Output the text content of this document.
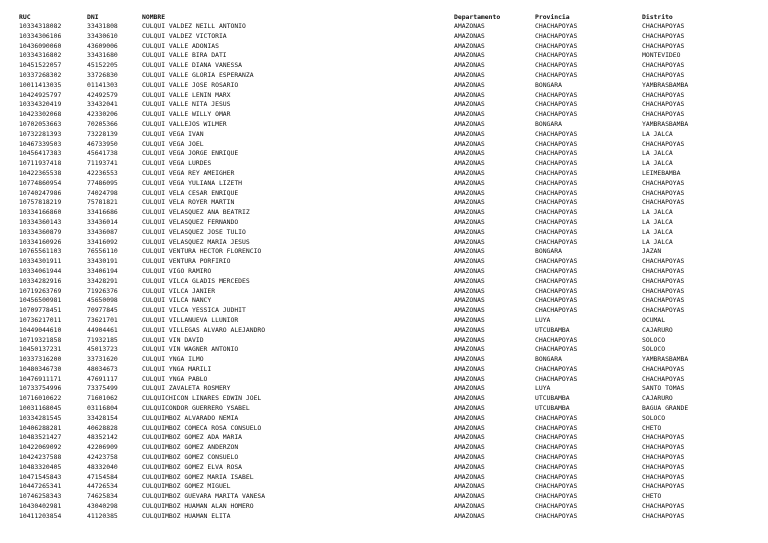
RUC	DNI	NOMBRE	Departamento	Provincia	Distrito
10334318082	33431808	CULQUI VALDEZ NEILL ANTONIO	AMAZONAS	CHACHAPOYAS	CHACHAPOYAS
10334306106	33430610	CULQUI VALDEZ VICTORIA	AMAZONAS	CHACHAPOYAS	CHACHAPOYAS
10436090060	43609006	CULQUI VALLE ADONIAS	AMAZONAS	CHACHAPOYAS	CHACHAPOYAS
10334316802	33431680	CULQUI VALLE BIRA DATI	AMAZONAS	CHACHAPOYAS	MONTEVIDEO
10451522057	45152205	CULQUI VALLE DIANA VANESSA	AMAZONAS	CHACHAPOYAS	CHACHAPOYAS
10337268302	33726830	CULQUI VALLE GLORIA ESPERANZA	AMAZONAS	CHACHAPOYAS	CHACHAPOYAS
10011413035	01141303	CULQUI VALLE JOSE ROSARIO	AMAZONAS	BONGARA	YAMBRASBAMBA
10424925797	42492579	CULQUI VALLE LENIN MARX	AMAZONAS	CHACHAPOYAS	CHACHAPOYAS
10334320419	33432041	CULQUI VALLE NITA JESUS	AMAZONAS	CHACHAPOYAS	CHACHAPOYAS
10423302068	42330206	CULQUI VALLE WILLY OMAR	AMAZONAS	CHACHAPOYAS	CHACHAPOYAS
10702053663	70205366	CULQUI VALLEJOS WILMER	AMAZONAS	BONGARA	YAMBRASBAMBA
10732281393	73228139	CULQUI VEGA IVAN	AMAZONAS	CHACHAPOYAS	LA JALCA
10467339503	46733950	CULQUI VEGA JOEL	AMAZONAS	CHACHAPOYAS	CHACHAPOYAS
10456417383	45641738	CULQUI VEGA JORGE ENRIQUE	AMAZONAS	CHACHAPOYAS	LA JALCA
10711937418	71193741	CULQUI VEGA LURDES	AMAZONAS	CHACHAPOYAS	LA JALCA
10422365538	42236553	CULQUI VEGA REY AMEIGHER	AMAZONAS	CHACHAPOYAS	LEIMEBAMBA
10774860954	77486095	CULQUI VEGA YULIANA LIZETH	AMAZONAS	CHACHAPOYAS	CHACHAPOYAS
10740247986	74024798	CULQUI VELA CESAR ENRIQUE	AMAZONAS	CHACHAPOYAS	CHACHAPOYAS
10757818219	75781821	CULQUI VELA ROYER MARTIN	AMAZONAS	CHACHAPOYAS	CHACHAPOYAS
10334166860	33416686	CULQUI VELASQUEZ ANA BEATRIZ	AMAZONAS	CHACHAPOYAS	LA JALCA
10334360143	33436014	CULQUI VELASQUEZ FERNANDO	AMAZONAS	CHACHAPOYAS	LA JALCA
10334360879	33436087	CULQUI VELASQUEZ JOSE TULIO	AMAZONAS	CHACHAPOYAS	LA JALCA
10334160926	33416092	CULQUI VELASQUEZ MARIA JESUS	AMAZONAS	CHACHAPOYAS	LA JALCA
10765561103	76556110	CULQUI VENTURA HECTOR FLORENCIO	AMAZONAS	BONGARA	JAZAN
10334301911	33430191	CULQUI VENTURA PORFIRIO	AMAZONAS	CHACHAPOYAS	CHACHAPOYAS
10334061944	33406194	CULQUI VIGO RAMIRO	AMAZONAS	CHACHAPOYAS	CHACHAPOYAS
10334282916	33428291	CULQUI VILCA GLADIS MERCEDES	AMAZONAS	CHACHAPOYAS	CHACHAPOYAS
10719263769	71926376	CULQUI VILCA JANIER	AMAZONAS	CHACHAPOYAS	CHACHAPOYAS
10456500981	45650098	CULQUI VILCA NANCY	AMAZONAS	CHACHAPOYAS	CHACHAPOYAS
10709778451	70977845	CULQUI VILCA YESSICA JUDHIT	AMAZONAS	CHACHAPOYAS	CHACHAPOYAS
10736217011	73621701	CULQUI VILLANUEVA LLUNIOR	AMAZONAS	LUYA	OCUMAL
10449044610	44904461	CULQUI VILLEGAS ALVARO ALEJANDRO	AMAZONAS	UTCUBAMBA	CAJARURO
10719321858	71932185	CULQUI VIN DAVID	AMAZONAS	CHACHAPOYAS	SOLOCO
10450137231	45013723	CULQUI VIN WAGNER ANTONIO	AMAZONAS	CHACHAPOYAS	SOLOCO
10337316200	33731620	CULQUI YNGA ILMO	AMAZONAS	BONGARA	YAMBRASBAMBA
10480346730	48034673	CULQUI YNGA MARILI	AMAZONAS	CHACHAPOYAS	CHACHAPOYAS
10476911171	47691117	CULQUI YNGA PABLO	AMAZONAS	CHACHAPOYAS	CHACHAPOYAS
10733754996	73375499	CULQUI ZAVALETA ROSMERY	AMAZONAS	LUYA	SANTO TOMAS
10716010622	71601062	CULQUICHICON LINARES EDWIN JOEL	AMAZONAS	UTCUBAMBA	CAJARURO
10031168045	03116804	CULQUICONDOR GUERRERO YSABEL	AMAZONAS	UTCUBAMBA	BAGUA GRANDE
10334281545	33428154	CULQUIMBOZ ALVARADO NEMIA	AMAZONAS	CHACHAPOYAS	SOLOCO
10406288281	40628828	CULQUIMBOZ COMECA ROSA CONSUELO	AMAZONAS	CHACHAPOYAS	CHETO
10483521427	48352142	CULQUIMBOZ GOMEZ ADA MARIA	AMAZONAS	CHACHAPOYAS	CHACHAPOYAS
10422069092	42206909	CULQUIMBOZ GOMEZ ANDERZON	AMAZONAS	CHACHAPOYAS	CHACHAPOYAS
10424237588	42423758	CULQUIMBOZ GOMEZ CONSUELO	AMAZONAS	CHACHAPOYAS	CHACHAPOYAS
10483320405	48332040	CULQUIMBOZ GOMEZ ELVA ROSA	AMAZONAS	CHACHAPOYAS	CHACHAPOYAS
10471545843	47154584	CULQUIMBOZ GOMEZ MARIA ISABEL	AMAZONAS	CHACHAPOYAS	CHACHAPOYAS
10447265341	44726534	CULQUIMBOZ GOMEZ MIGUEL	AMAZONAS	CHACHAPOYAS	CHACHAPOYAS
10746258343	74625834	CULQUIMBOZ GUEVARA MARITA VANESA	AMAZONAS	CHACHAPOYAS	CHETO
10430402981	43040298	CULQUIMBOZ HUAMAN ALAN HOMERO	AMAZONAS	CHACHAPOYAS	CHACHAPOYAS
10411203854	41120385	CULQUIMBOZ HUAMAN ELITA	AMAZONAS	CHACHAPOYAS	CHACHAPOYAS
